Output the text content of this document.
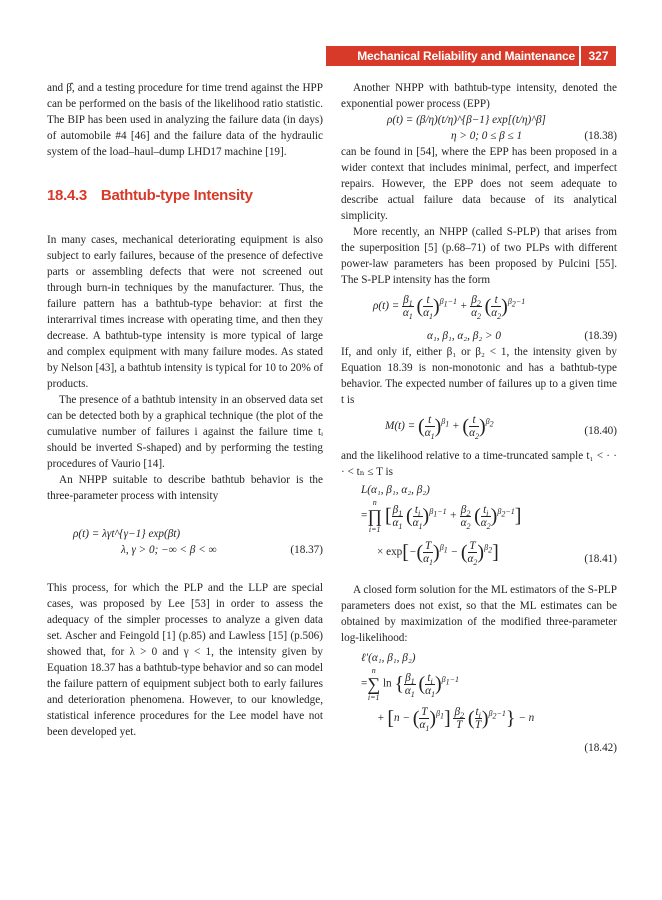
Mechanical Reliability and Maintenance Models
327

and β̂, and a testing procedure for time trend against the HPP can be performed on the basis of the likelihood ratio statistic. The BIP has been used in analyzing the failure data (in days) of automobile #4 [46] and the failure data of the hydraulic system of the load–haul–dump LHD17 machine [19].

18.4.3 Bathtub-type Intensity

In many cases, mechanical deteriorating equipment is also subject to early failures, because of the presence of defective parts or assembling defects that were not screened out through burn-in techniques by the manufacturer. Thus, the failure pattern has a bathtub-type behavior: at first the interarrival times increase with operating time, and then they decrease. A bathtub-type intensity is more typical of large and complex equipment with many failure modes. As stated by Nelson [43], a bathtub intensity is typical for 10 to 20% of products.

The presence of a bathtub intensity in an observed data set can be detected both by a graphical technique (the plot of the cumulative number of failures i against the failure time tᵢ should be inverted S-shaped) and by performing the testing procedures of Vaurio [14].

An NHPP suitable to describe bathtub behavior is the three-parameter process with intensity

ρ(t) = λγt^{γ−1} exp(βt)
λ, γ > 0; −∞ < β < ∞	(18.37)

This process, for which the PLP and the LLP are special cases, was proposed by Lee [53] in order to assess the adequacy of the simpler processes to analyze a given data set. Ascher and Feingold [1] (p.85) and Lawless [15] (p.506) showed that, for λ > 0 and γ < 1, the intensity given by Equation 18.37 has a bathtub-type behavior and so can model the failure pattern of equipment subject both to early failures and deterioration phenomena. However, to our knowledge, statistical inference procedures for the Lee model have not been developed yet.

Another NHPP with bathtub-type intensity, denoted the exponential power process (EPP)

ρ(t) = (β/η)(t/η)^{β−1} exp[(t/η)^β]
η > 0; 0 ≤ β ≤ 1	(18.38)

can be found in [54], where the EPP has been proposed in a wider context that includes minimal, perfect, and imperfect repairs. However, the EPP does not seem adequate to describe actual failure data because of its analytical simplicity.

More recently, an NHPP (called S-PLP) that arises from the superposition [5] (p.68–71) of two PLPs with different power-law parameters has been proposed by Pulcini [55]. The S-PLP intensity has the form

$\rho(t) = \frac{\beta_1}{\alpha_1}$ ( $\frac{t}{\alpha_1} )^{\beta_1-1} + \frac{\beta_2}{\alpha_2}$ ( $\frac{t}{\alpha_2} )^{\beta_2-1}$
α₁, β₁, α₂, β₂ > 0	(18.39)

If, and only if, either β₁ or β₂ < 1, the intensity given by Equation 18.39 is non-monotonic and has a bathtub-type behavior. The expected number of failures up to a given time t is

M(t) = ( $\frac{t}{\alpha_1} )^{\beta_1}$ + ( $\frac{t}{\alpha_2} )^{\beta_2}$
(18.40)

and the likelihood relative to a time-truncated sample t₁ < · · · < tₙ ≤ T is

L(α₁, β₁, α₂, β₂)
=
n
∏
i=1
[ $\frac{\beta_1}{\alpha_1}$ ( $\frac{t_i}{\alpha_1} )^{\beta_1-1} + \frac{\beta_2}{\alpha_2}$ ( $\frac{t_i}{\alpha_2} )^{\beta_2-1}$]
× $\exp[-( \frac{T}{\alpha_1} )^{\beta_1}$ − ( $\frac{T}{\alpha_2} )^{\beta_2}$]	(18.41)

A closed form solution for the ML estimators of the S-PLP parameters does not exist, so that the ML estimates can be obtained by maximization of the modified three-parameter log-likelihood:

ℓ′(α₁, β₁, β₂)
=
n
∑
i=1
ln { $\frac{\beta_1}{\alpha_1}$ ( $\frac{t_i}{\alpha_1} )^{\beta_1-1}$
+ [n − ( $\frac{T}{\alpha_1} )^{\beta_1}] \frac{\beta_2}{T}$ ( $\frac{t_i}{T} )^{\beta_2-1}\} - n$
(18.42)
